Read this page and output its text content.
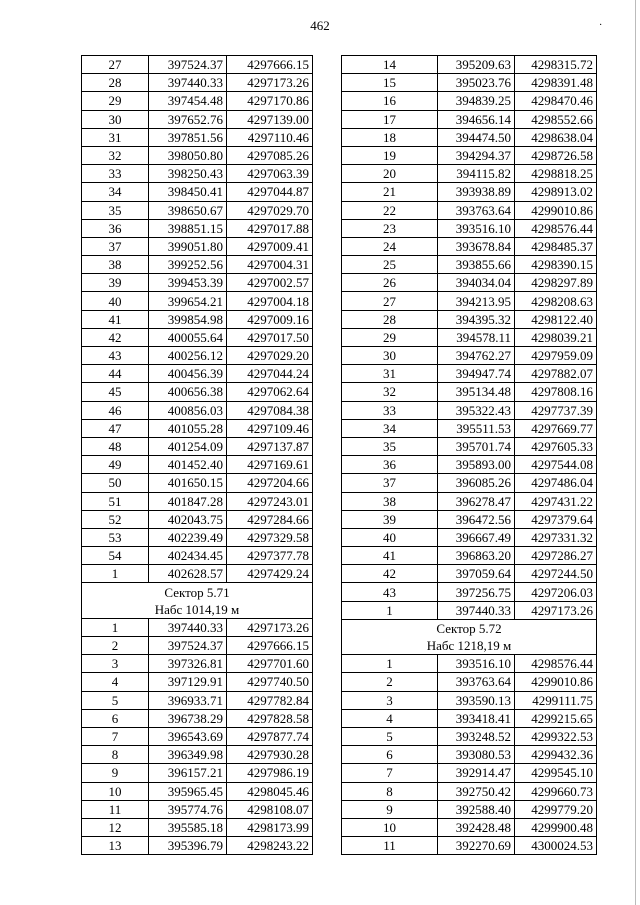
462	·
27	397524.37	4297666.15
28	397440.33	4297173.26
29	397454.48	4297170.86
30	397652.76	4297139.00
31	397851.56	4297110.46
32	398050.80	4297085.26
33	398250.43	4297063.39
34	398450.41	4297044.87
35	398650.67	4297029.70
36	398851.15	4297017.88
37	399051.80	4297009.41
38	399252.56	4297004.31
39	399453.39	4297002.57
40	399654.21	4297004.18
41	399854.98	4297009.16
42	400055.64	4297017.50
43	400256.12	4297029.20
44	400456.39	4297044.24
45	400656.38	4297062.64
46	400856.03	4297084.38
47	401055.28	4297109.46
48	401254.09	4297137.87
49	401452.40	4297169.61
50	401650.15	4297204.66
51	401847.28	4297243.01
52	402043.75	4297284.66
53	402239.49	4297329.58
54	402434.45	4297377.78
1	402628.57	4297429.24
Сектор 5.71		
Набс 1014,19 м		
1	397440.33	4297173.26
2	397524.37	4297666.15
3	397326.81	4297701.60
4	397129.91	4297740.50
5	396933.71	4297782.84
6	396738.29	4297828.58
7	396543.69	4297877.74
8	396349.98	4297930.28
9	396157.21	4297986.19
10	395965.45	4298045.46
11	395774.76	4298108.07
12	395585.18	4298173.99
13	395396.79	4298243.22
14	395209.63	4298315.72
15	395023.76	4298391.48
16	394839.25	4298470.46
17	394656.14	4298552.66
18	394474.50	4298638.04
19	394294.37	4298726.58
20	394115.82	4298818.25
21	393938.89	4298913.02
22	393763.64	4299010.86
23	393516.10	4298576.44
24	393678.84	4298485.37
25	393855.66	4298390.15
26	394034.04	4298297.89
27	394213.95	4298208.63
28	394395.32	4298122.40
29	394578.11	4298039.21
30	394762.27	4297959.09
31	394947.74	4297882.07
32	395134.48	4297808.16
33	395322.43	4297737.39
34	395511.53	4297669.77
35	395701.74	4297605.33
36	395893.00	4297544.08
37	396085.26	4297486.04
38	396278.47	4297431.22
39	396472.56	4297379.64
40	396667.49	4297331.32
41	396863.20	4297286.27
42	397059.64	4297244.50
43	397256.75	4297206.03
1	397440.33	4297173.26
Сектор 5.72		
Набс 1218,19 м		
1	393516.10	4298576.44
2	393763.64	4299010.86
3	393590.13	4299111.75
4	393418.41	4299215.65
5	393248.52	4299322.53
6	393080.53	4299432.36
7	392914.47	4299545.10
8	392750.42	4299660.73
9	392588.40	4299779.20
10	392428.48	4299900.48
11	392270.69	4300024.53
